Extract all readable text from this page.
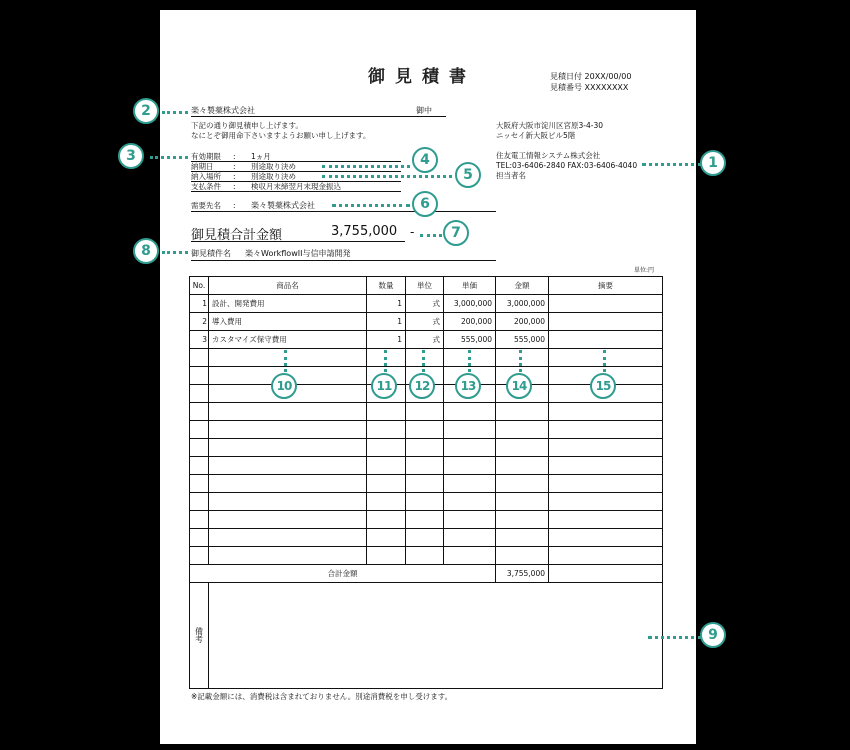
御見積書	見積日付 20XX/00/00
見積番号 XXXXXXXX
楽々製薬株式会社	御中
下記の通り御見積申し上げます。
なにとぞ御用命下さいますようお願い申し上げます。
大阪府大阪市淀川区宮原3-4-30
ニッセイ新大阪ビル5階
住友電工情報システム株式会社
TEL:03-6406-2840 FAX:03-6406-4040
担当者名
有効期限 : 1ヵ月
納期日	: 別途取り決め
納入場所 : 別途取り決め
支払条件 : 検収月末締翌月末現金振込
需要先名 : 楽々製薬株式会社
御見積合計金額	3,755,000 -
御見積件名 楽々WorkflowII与信申請開発
単位:円
No.	商品名	数量	単位	単価	金額	摘要
1	設計、開発費用	1	式	3,000,000	3,000,000	
2	導入費用	1	式	200,000	200,000	
3	カスタマイズ保守費用	1	式	555,000	555,000	

合計金額					3,755,000	
備考						
※記載金額には、消費税は含まれておりません。別途消費税を申し受けます。
1
2
3	4
5
6
7
8
9
10	11	12	13	14	15
